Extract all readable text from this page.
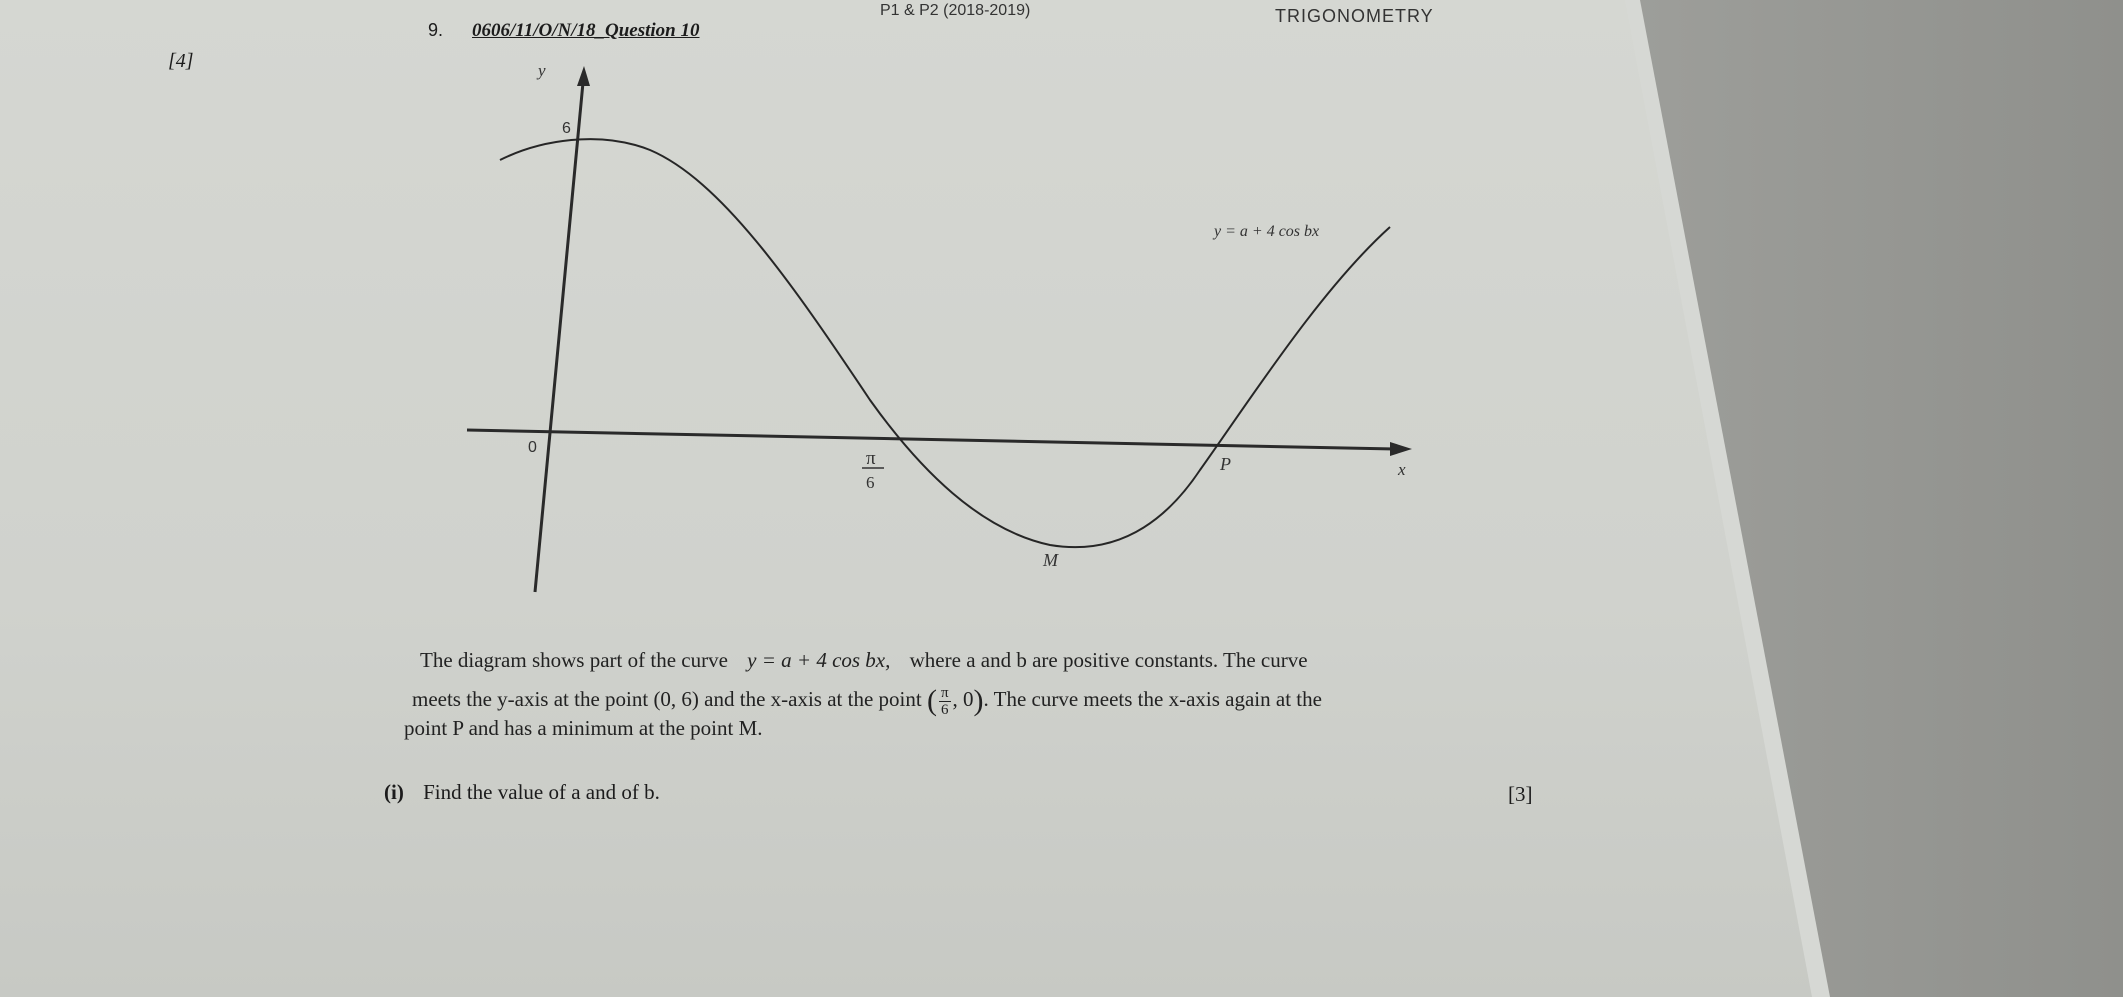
P1 & P2 (2018-2019)	TRIGONOMETRY
9. 0606/11/O/N/18_Question 10
[4]	y
x
6
0
π
6
P
M
y = a + 4 cos bx
The diagram shows part of the curve y = a + 4 cos bx, where a and b are positive constants. The curve
meets the y-axis at the point (0, 6) and the x-axis at the point ( $\frac{\pi}{6}$ , 0). The curve meets the x-axis again at the
point P and has a minimum at the point M.
(i) Find the value of a and of b.	[3]
